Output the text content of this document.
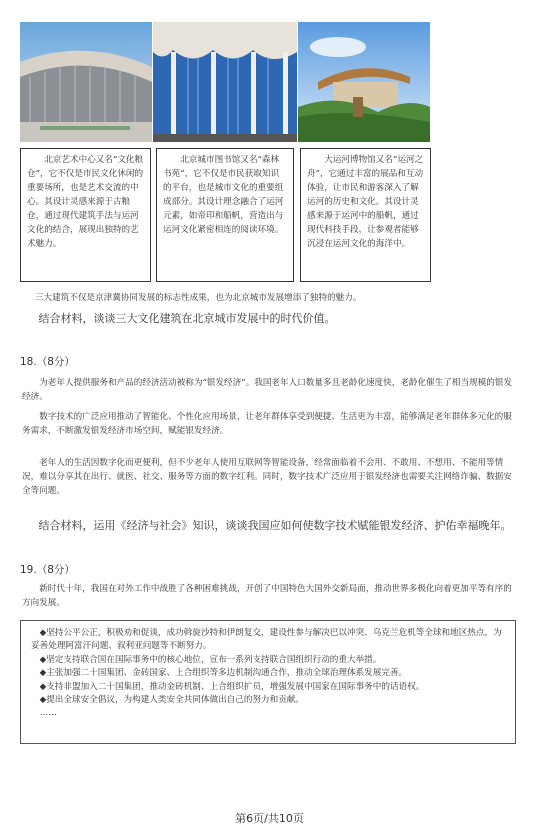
北京艺术中心又名“文化粮仓”，它不仅是市民文化休闲的重要场所，也是艺术交流的中心。其设计灵感来源于古粮仓，通过现代建筑手法与运河文化的结合，展现出独特的艺术魅力。
北京城市图书馆又名“森林书苑”，它不仅是市民获取知识的平台，也是城市文化的重要组成部分。其设计理念融合了运河元素，如帝印和船帆，营造出与运河文化紧密相连的阅读环境。
大运河博物馆又名“运河之舟”，它通过丰富的展品和互动体验，让市民和游客深入了解运河的历史和文化。其设计灵感来源于运河中的船帆，通过现代科技手段，让参观者能够沉浸在运河文化的海洋中。
三大建筑不仅是京津冀协同发展的标志性成果，也为北京城市发展增添了独特的魅力。
结合材料，谈谈三大文化建筑在北京城市发展中的时代价值。
18.（8分）
为老年人提供服务和产品的经济活动被称为“银发经济”。我国老年人口数量多且老龄化速度快，老龄化催生了相当规模的银发经济。
数字技术的广泛应用推动了智能化、个性化应用场景，让老年群体享受到便捷、生活更为丰富，能够满足老年群体多元化的服务需求，不断激发银发经济市场空间，赋能银发经济。
老年人的生活因数字化而更便利，但不少老年人使用互联网等智能设备，经常面临着不会用、不敢用、不想用、不能用等情况，难以分享其在出行、就医、社交、服务等方面的数字红利。同时，数字技术广泛应用于银发经济也需要关注网络诈骗、数据安全等问题。
结合材料，运用《经济与社会》知识，谈谈我国应如何使数字技术赋能银发经济、护佑幸福晚年。
19.（8分）
新时代十年，我国在对外工作中战胜了各种困难挑战，开创了中国特色大国外交新局面，推动世界多极化向着更加平等有序的方向发展。
◆坚持公平公正，积极劝和促谈，成功斡旋沙特和伊朗复交，建设性参与解决巴以冲突、乌克兰危机等全球和地区热点，为妥善处理阿富汗问题、叙利亚问题等不断努力。
◆坚定支持联合国在国际事务中的核心地位，宣布一系列支持联合国组织行动的重大举措。
◆主张加强二十国集团、金砖国家、上合组织等多边机制沟通合作，推动全球治理体系发展完善。
◆支持非盟加入二十国集团，推动金砖机制、上合组织扩员，增强发展中国家在国际事务中的话语权。
◆提出全球安全倡议，为构建人类安全共同体做出自己的努力和贡献。
……
第6页/共10页
